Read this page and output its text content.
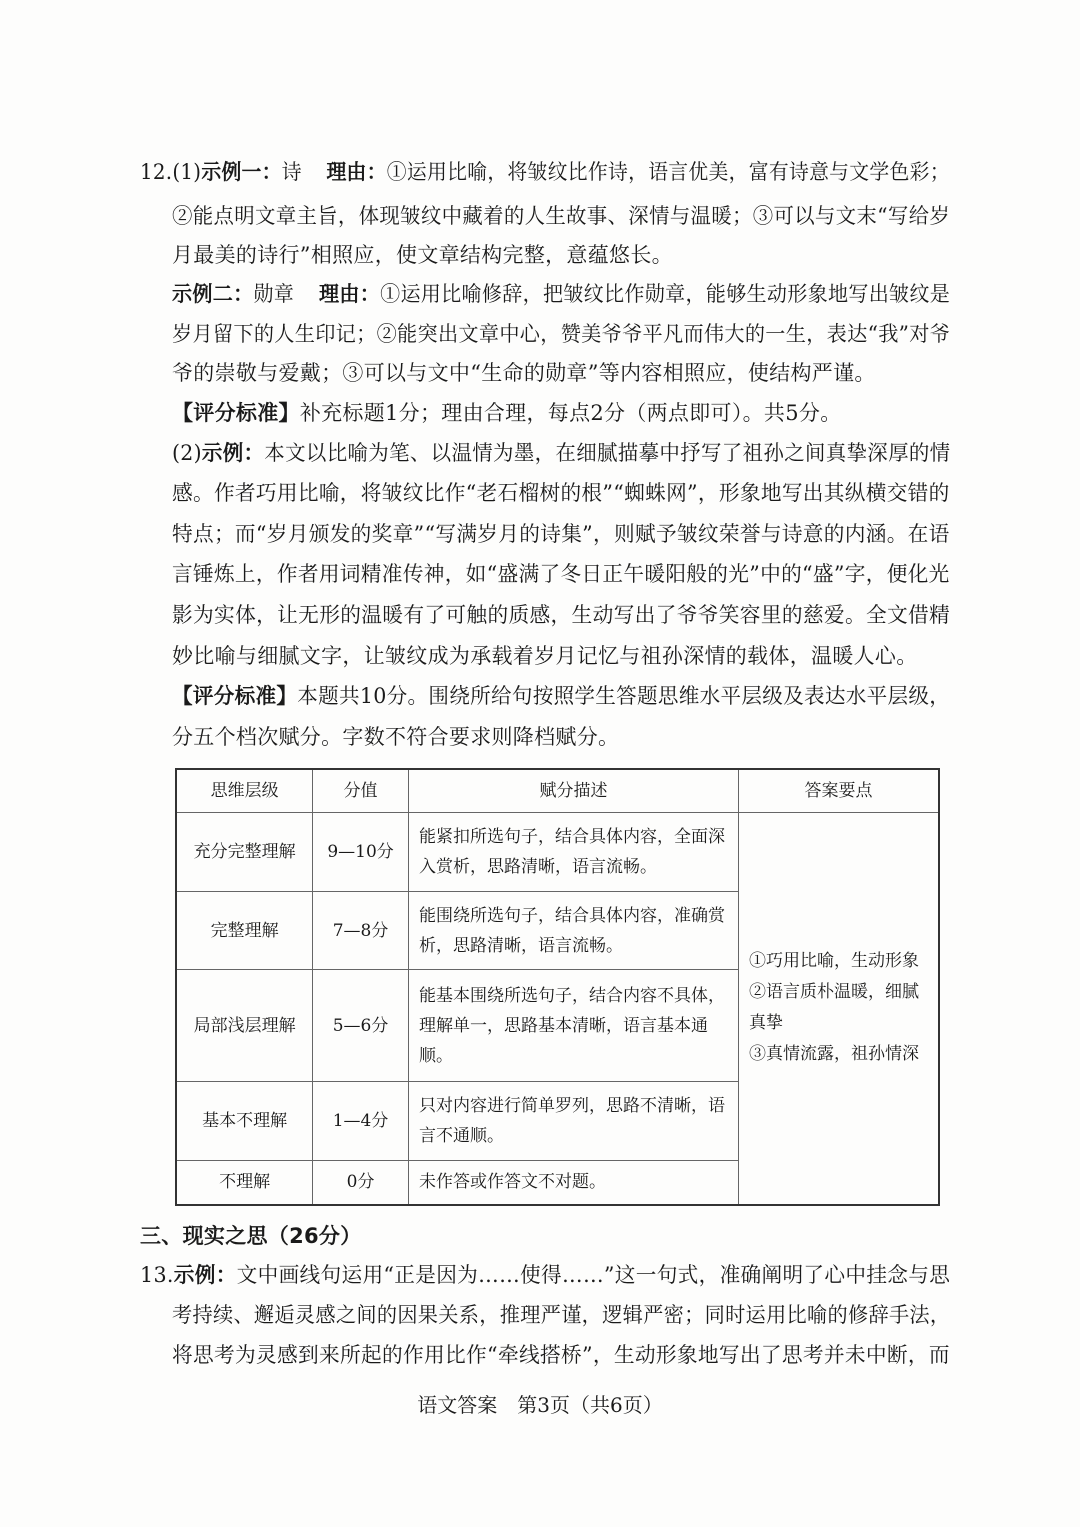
12.(1)示例一：诗 理由：①运用比喻，将皱纹比作诗，语言优美，富有诗意与文学色彩；
②能点明文章主旨，体现皱纹中藏着的人生故事、深情与温暖；③可以与文末“写给岁
月最美的诗行”相照应，使文章结构完整，意蕴悠长。
示例二：勋章 理由：①运用比喻修辞，把皱纹比作勋章，能够生动形象地写出皱纹是
岁月留下的人生印记；②能突出文章中心，赞美爷爷平凡而伟大的一生，表达“我”对爷
爷的崇敬与爱戴；③可以与文中“生命的勋章”等内容相照应，使结构严谨。
【评分标准】补充标题1分；理由合理，每点2分（两点即可）。共5分。
(2)示例：本文以比喻为笔、以温情为墨，在细腻描摹中抒写了祖孙之间真挚深厚的情
感。作者巧用比喻，将皱纹比作“老石榴树的根”“蜘蛛网”，形象地写出其纵横交错的
特点；而“岁月颁发的奖章”“写满岁月的诗集”，则赋予皱纹荣誉与诗意的内涵。在语
言锤炼上，作者用词精准传神，如“盛满了冬日正午暖阳般的光”中的“盛”字，便化光
影为实体，让无形的温暖有了可触的质感，生动写出了爷爷笑容里的慈爱。全文借精
妙比喻与细腻文字，让皱纹成为承载着岁月记忆与祖孙深情的载体，温暖人心。
【评分标准】本题共10分。围绕所给句按照学生答题思维水平层级及表达水平层级，
分五个档次赋分。字数不符合要求则降档赋分。
思维层级	分值	赋分描述	答案要点
充分完整理解	9—10分	能紧扣所选句子，结合具体内容，全面深入赏析，思路清晰，语言流畅。	①巧用比喻，生动形象
②语言质朴温暖，细腻真挚
③真情流露，祖孙情深

完整理解	7—8分	能围绕所选句子，结合具体内容，准确赏析，思路清晰，语言流畅。	
局部浅层理解	5—6分	能基本围绕所选句子，结合内容不具体，理解单一，思路基本清晰，语言基本通顺。	
基本不理解	1—4分	只对内容进行简单罗列，思路不清晰，语言不通顺。	
不理解	0分	未作答或作答文不对题。	
三、现实之思（26分）
13.示例：文中画线句运用“正是因为……使得……”这一句式，准确阐明了心中挂念与思
考持续、邂逅灵感之间的因果关系，推理严谨，逻辑严密；同时运用比喻的修辞手法，
将思考为灵感到来所起的作用比作“牵线搭桥”，生动形象地写出了思考并未中断，而
语文答案　第3页（共6页）
